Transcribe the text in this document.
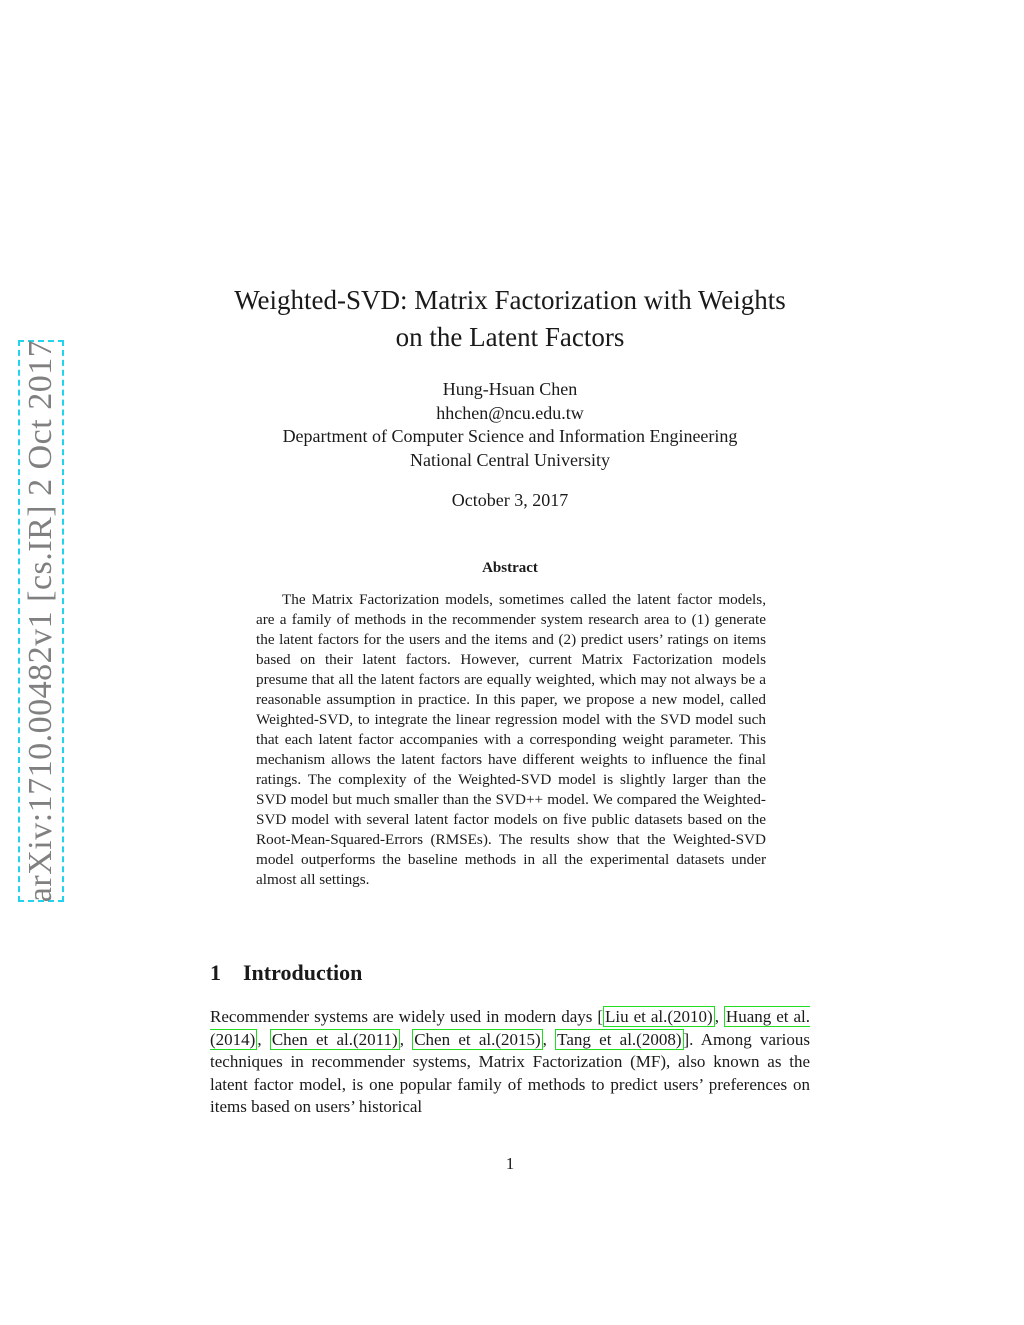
arXiv:1710.00482v1 [cs.IR] 2 Oct 2017
Weighted-SVD: Matrix Factorization with Weights
on the Latent Factors
Hung-Hsuan Chen
hhchen@ncu.edu.tw
Department of Computer Science and Information Engineering
National Central University
October 3, 2017
Abstract

The Matrix Factorization models, sometimes called the latent factor models, are a family of methods in the recommender system research area to (1) generate the latent factors for the users and the items and (2) predict users’ ratings on items based on their latent factors. However, current Matrix Factorization models presume that all the latent factors are equally weighted, which may not always be a reasonable assumption in practice. In this paper, we propose a new model, called Weighted-SVD, to integrate the linear regression model with the SVD model such that each latent factor accompanies with a corresponding weight parameter. This mechanism allows the latent factors have different weights to influence the final ratings. The complexity of the Weighted-SVD model is slightly larger than the SVD model but much smaller than the SVD++ model. We compared the Weighted-SVD model with several latent factor models on five public datasets based on the Root-Mean-Squared-Errors (RMSEs). The results show that the Weighted-SVD model outperforms the baseline methods in all the experimental datasets under almost all settings.

1 Introduction

Recommender systems are widely used in modern days [ Liu et al.(2010) , Huang et al.(2014) , Chen et al.(2011) , Chen et al.(2015) , Tang et al.(2008) ]. Among various techniques in recommender systems, Matrix Factorization (MF), also known as the latent factor model, is one popular family of methods to predict users’ preferences on items based on users’ historical

1
